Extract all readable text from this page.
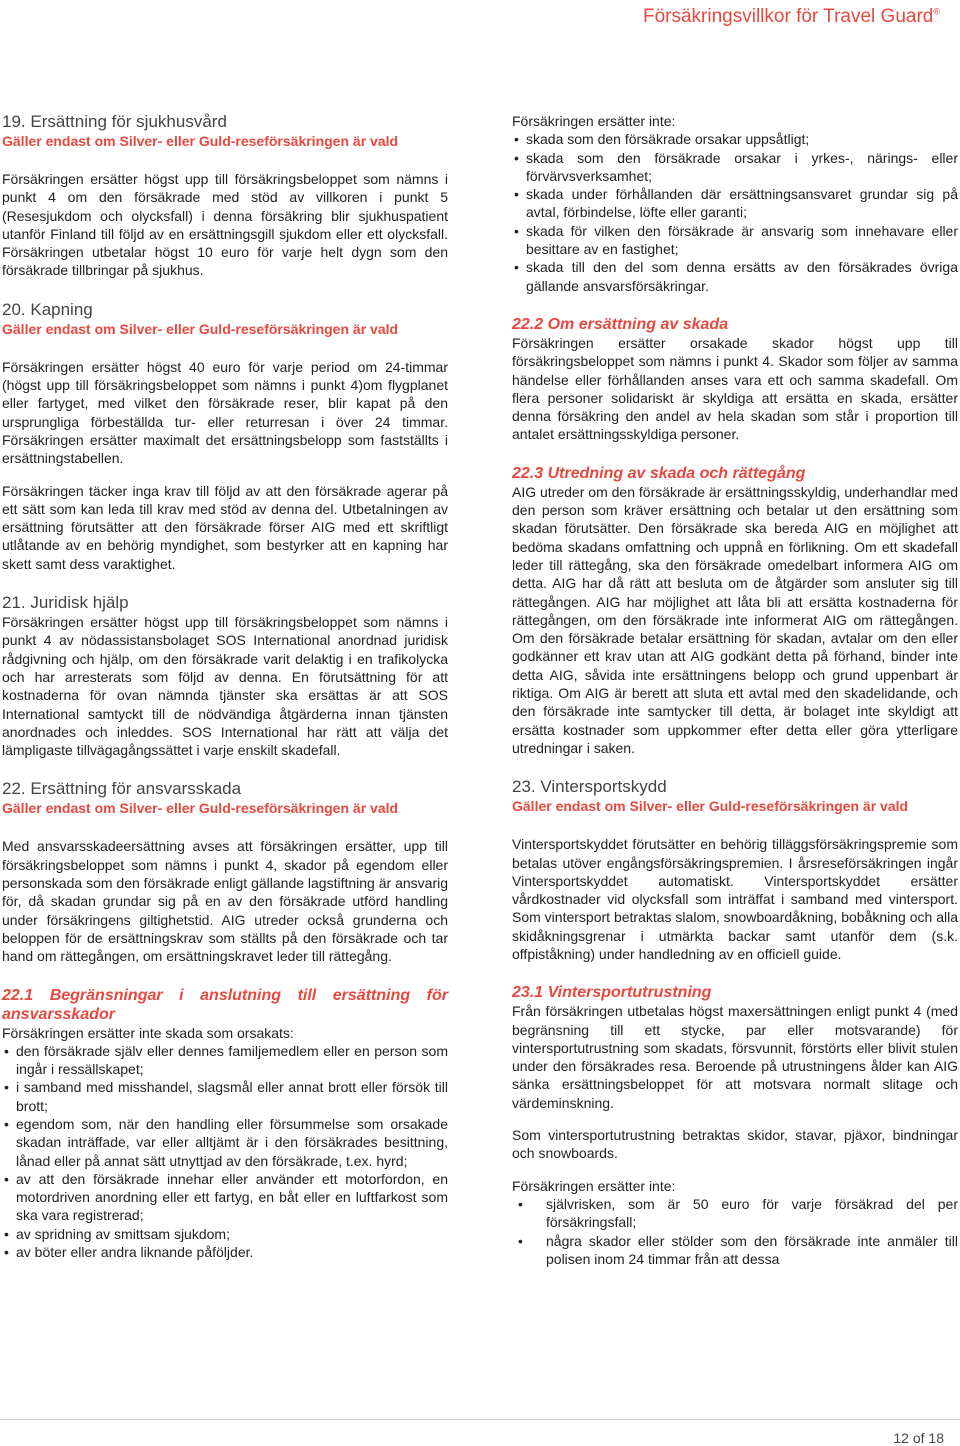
Försäkringsvillkor för Travel Guard®
19. Ersättning för sjukhusvård

Gäller endast om Silver- eller Guld-reseförsäkringen är vald

Försäkringen ersätter högst upp till försäkringsbeloppet som nämns i punkt 4 om den försäkrade med stöd av villkoren i punkt 5 (Resesjukdom och olycksfall) i denna försäkring blir sjukhuspatient utanför Finland till följd av en ersättningsgill sjukdom eller ett olycksfall. Försäkringen utbetalar högst 10 euro för varje helt dygn som den försäkrade tillbringar på sjukhus.

20. Kapning

Gäller endast om Silver- eller Guld-reseförsäkringen är vald

Försäkringen ersätter högst 40 euro för varje period om 24-timmar (högst upp till försäkringsbeloppet som nämns i punkt 4)om flygplanet eller fartyget, med vilket den försäkrade reser, blir kapat på den ursprungliga förbeställda tur- eller returresan i över 24 timmar. Försäkringen ersätter maximalt det ersättningsbelopp som fastställts i ersättningstabellen.

Försäkringen täcker inga krav till följd av att den försäkrade agerar på ett sätt som kan leda till krav med stöd av denna del. Utbetalningen av ersättning förutsätter att den försäkrade förser AIG med ett skriftligt utlåtande av en behörig myndighet, som bestyrker att en kapning har skett samt dess varaktighet.

21. Juridisk hjälp

Försäkringen ersätter högst upp till försäkringsbeloppet som nämns i punkt 4 av nödassistansbolaget SOS International anordnad juridisk rådgivning och hjälp, om den försäkrade varit delaktig i en trafikolycka och har arresterats som följd av denna. En förutsättning för att kostnaderna för ovan nämnda tjänster ska ersättas är att SOS International samtyckt till de nödvändiga åtgärderna innan tjänsten anordnades och inleddes. SOS International har rätt att välja det lämpligaste tillvägagångssättet i varje enskilt skadefall.

22. Ersättning för ansvarsskada

Gäller endast om Silver- eller Guld-reseförsäkringen är vald

Med ansvarsskadeersättning avses att försäkringen ersätter, upp till försäkringsbeloppet som nämns i punkt 4, skador på egendom eller personskada som den försäkrade enligt gällande lagstiftning är ansvarig för, då skadan grundar sig på en av den försäkrade utförd handling under försäkringens giltighetstid. AIG utreder också grunderna och beloppen för de ersättningskrav som ställts på den försäkrade och tar hand om rättegången, om ersättningskravet leder till rättegång.

22.1 Begränsningar i anslutning till ersättning för ansvarsskador

Försäkringen ersätter inte skada som orsakats:

• den försäkrade själv eller dennes familjemedlem eller en person som ingår i ressällskapet;
• i samband med misshandel, slagsmål eller annat brott eller försök till brott;
• egendom som, när den handling eller försummelse som orsakade skadan inträffade, var eller alltjämt är i den försäkrades besittning, lånad eller på annat sätt utnyttjad av den försäkrade, t.ex. hyrd;
• av att den försäkrade innehar eller använder ett motorfordon, en motordriven anordning eller ett fartyg, en båt eller en luftfarkost som ska vara registrerad;
• av spridning av smittsam sjukdom;
• av böter eller andra liknande påföljder.

Försäkringen ersätter inte:

• skada som den försäkrade orsakar uppsåtligt;
• skada som den försäkrade orsakar i yrkes-, närings- eller förvärvsverksamhet;
• skada under förhållanden där ersättningsansvaret grundar sig på avtal, förbindelse, löfte eller garanti;
• skada för vilken den försäkrade är ansvarig som innehavare eller besittare av en fastighet;
• skada till den del som denna ersätts av den försäkrades övriga gällande ansvarsförsäkringar.
22.2 Om ersättning av skada

Försäkringen ersätter orsakade skador högst upp till försäkringsbeloppet som nämns i punkt 4. Skador som följer av samma händelse eller förhållanden anses vara ett och samma skadefall. Om flera personer solidariskt är skyldiga att ersätta en skada, ersätter denna försäkring den andel av hela skadan som står i proportion till antalet ersättningsskyldiga personer.

22.3 Utredning av skada och rättegång

AIG utreder om den försäkrade är ersättningsskyldig, underhandlar med den person som kräver ersättning och betalar ut den ersättning som skadan förutsätter. Den försäkrade ska bereda AIG en möjlighet att bedöma skadans omfattning och uppnå en förlikning. Om ett skadefall leder till rättegång, ska den försäkrade omedelbart informera AIG om detta. AIG har då rätt att besluta om de åtgärder som ansluter sig till rättegången. AIG har möjlighet att låta bli att ersätta kostnaderna för rättegången, om den försäkrade inte informerat AIG om rättegången. Om den försäkrade betalar ersättning för skadan, avtalar om den eller godkänner ett krav utan att AIG godkänt detta på förhand, binder inte detta AIG, såvida inte ersättningens belopp och grund uppenbart är riktiga. Om AIG är berett att sluta ett avtal med den skadelidande, och den försäkrade inte samtycker till detta, är bolaget inte skyldigt att ersätta kostnader som uppkommer efter detta eller göra ytterligare utredningar i saken.

23. Vintersportskydd

Gäller endast om Silver- eller Guld-reseförsäkringen är vald

Vintersportskyddet förutsätter en behörig tilläggsförsäkringspremie som betalas utöver engångsförsäkringspremien. I årsreseförsäkringen ingår Vintersportskyddet automatiskt. Vintersportskyddet ersätter vårdkostnader vid olycksfall som inträffat i samband med vintersport. Som vintersport betraktas slalom, snowboardåkning, bobåkning och alla skidåkningsgrenar i utmärkta backar samt utanför dem (s.k. offpiståkning) under handledning av en officiell guide.

23.1 Vintersportutrustning

Från försäkringen utbetalas högst maxersättningen enligt punkt 4 (med begränsning till ett stycke, par eller motsvarande) för vintersportutrustning som skadats, försvunnit, förstörts eller blivit stulen under den försäkrades resa. Beroende på utrustningens ålder kan AIG sänka ersättningsbeloppet för att motsvara normalt slitage och värdeminskning.

Som vintersportutrustning betraktas skidor, stavar, pjäxor, bindningar och snowboards.

Försäkringen ersätter inte:

• självrisken, som är 50 euro för varje försäkrad del per försäkringsfall;
• några skador eller stölder som den försäkrade inte anmäler till polisen inom 24 timmar från att dessa
12 of 18
